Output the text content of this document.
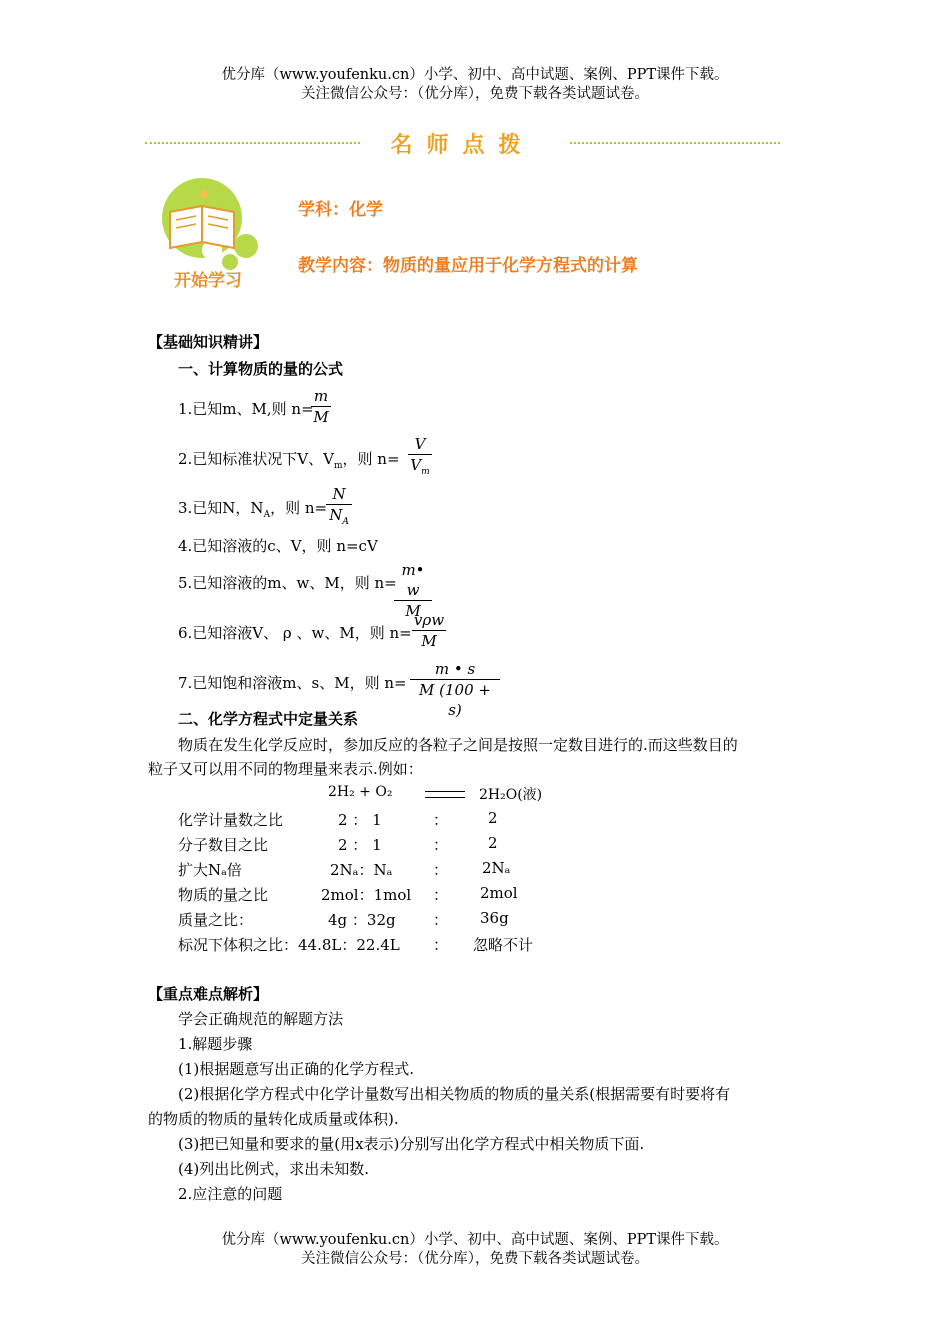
优分库（www.youfenku.cn）小学、初中、高中试题、案例、PPT课件下载。
关注微信公众号：（优分库），免费下载各类试题试卷。
名师点拨
开始学习
学科：化学
教学内容：物质的量应用于化学方程式的计算
【基础知识精讲】
一、计算物质的量的公式
1.已知m、M,则 n=
m
M
2.已知标准状况下V、$V_m$，则 n=
V
$V_m$
3.已知N，$N_A$，则 n=
N
$N_A$
4.已知溶液的c、V，则 n=cV
5.已知溶液的m、w、M，则 n=
m• w
M
6.已知溶液V、 ρ 、w、M，则 n=
vρw
M
7.已知饱和溶液m、s、M，则 n=
m • s
M (100 + s)
二、化学方程式中定量关系
物质在发生化学反应时，参加反应的各粒子之间是按照一定数目进行的.而这些数目的
粒子又可以用不同的物理量来表示.例如：
2H₂ + O₂	2H₂O(液)
化学计量数之比	2 ： 1	：	2
分子数目之比	2 ： 1	：	2
扩大Nₐ倍	2Nₐ：Nₐ	： 2Nₐ
物质的量之比	2mol：1mol ： 2mol
质量之比：	4g ：32g ： 36g
标况下体积之比：44.8L：22.4L ： 忽略不计
【重点难点解析】
学会正确规范的解题方法
1.解题步骤
(1)根据题意写出正确的化学方程式.
(2)根据化学方程式中化学计量数写出相关物质的物质的量关系(根据需要有时要将有
的物质的物质的量转化成质量或体积).
(3)把已知量和要求的量(用x表示)分别写出化学方程式中相关物质下面.
(4)列出比例式，求出未知数.
2.应注意的问题
优分库（www.youfenku.cn）小学、初中、高中试题、案例、PPT课件下载。
关注微信公众号：（优分库），免费下载各类试题试卷。
